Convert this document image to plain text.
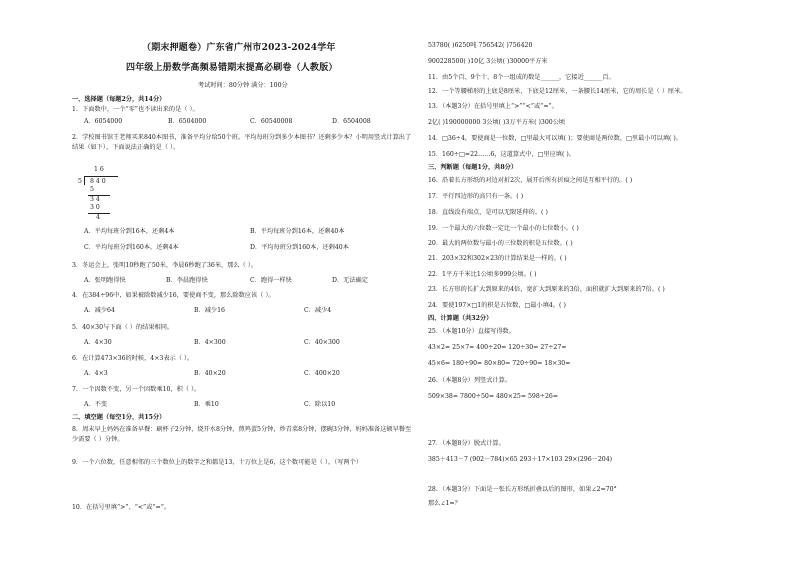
（期末押题卷）广东省广州市2023-2024学年
四年级上册数学高频易错期末提高必刷卷（人教版）
考试时间：80分钟 满分：100分
一、选择题（每题2分，共14分）
1．下面数中，一个“零”也不读出来的是（ ）。
A．6054000	B．6504000	C．60540008	D．6504008
2．学校图书馆王老师买来840本图书，准备平均分给50个班。平均每班分到多少本图书？还剩多少本？小明用竖式计算出了结果（如下），下面说法正确的是（ ）。
1 6
5 8 4 0
5
3 4
3 0
4
A．平均每班分到16本，还剩4本	B．平均每班分到16本，还剩40本
C．平均每班分到160本，还剩4本	D．平均每班分到160本，还剩40本
3．冬运会上，张明10秒跑了50米，李晨6秒跑了36米，那么（ ）。
A．张明跑得快	B．李晨跑得快	C．跑得一样快	D．无法确定
4．在384÷96中，如果被除数减少16，要使商不变，那么除数应该（ ）。
A．减少64	B．减少16	C．减少4
5．40×30与下面（ ）的结果相同。
A．4×30	B．4×300	C．40×300
6．在计算473×36的时候，4×3表示（ ）。
A．4×3	B．40×20	C．400×20
7．一个因数不变，另一个因数乘10，积（ ）。
A．不变	B．乘10	C．除以10
二、填空题（每空1分，共15分）
8．周末早上妈妈在准备早餐：刷杯子2分钟，烧开水8分钟，煎鸡蛋5分钟，炒青菜8分钟，摆碗3分钟，妈妈准备这顿早餐至少需要（ ）分钟。
9．一个六位数，任意相邻的三个数位上的数字之和都是13，十万位上是6，这个数可能是（ ）。（写两个）
10．在括号里填“>”、“<”或“=”。
53780( )6250吨 756542( )756420
900228500( )10亿 3公顷( )30000平方米
11．由5个百、9个十、8个一组成的数是______，它接近______百。
12．一个等腰梯形的上底是8厘米，下底是12厘米，一条腰长14厘米，它的周长是（ ）厘米。
13．（本题3分）在括号里填上“>”“<”或“=”。
2亿( )190000000 3公顷( )3万平方米( )300公顷
14．□36÷4，要使商是一位数，□里最大可以填( )；要使商是两位数，□里最小可以填( )。
15．160÷□=22……6，这道算式中，□里应填( )。
三、判断题（每题1分，共8分）
16．沿着长方形纸的对边对折2次，展开后所有折痕之间是互相平行的。( )
17．平行四边形的高只有一条。( )
18．直线没有端点，是可以无限延伸的。( )
19．一个最大的六位数一定比一个最小的七位数小。( )
20．最大的两位数与最小的三位数的积是五位数。( )
21．203×32和302×23的计算结果是一样的。( )
22．1平方千米比1公顷多999公顷。( )
23．长方形的长扩大到原来的4倍，宽扩大到原来的3倍，面积就扩大到原来的7倍。( )
24．要使197×□1的积是五位数，□最小填4。( )
四、计算题（共32分）
25．（本题10分）直接写得数。
43×2= 25×7= 400÷20= 120÷30= 27÷27=
45×6= 180÷90= 80×80= 720÷90= 18×30=
26．（本题8分）列竖式计算。
509×38= 7800÷50= 480×25= 598÷26=
27．（本题8分）脱式计算。
385＋413－7 (902－784)×65 293＋17×103 29×(296－204)
28．（本题3分）下面是一张长方形纸折叠以后的图形，如果∠2=70°
那么∠1=？
